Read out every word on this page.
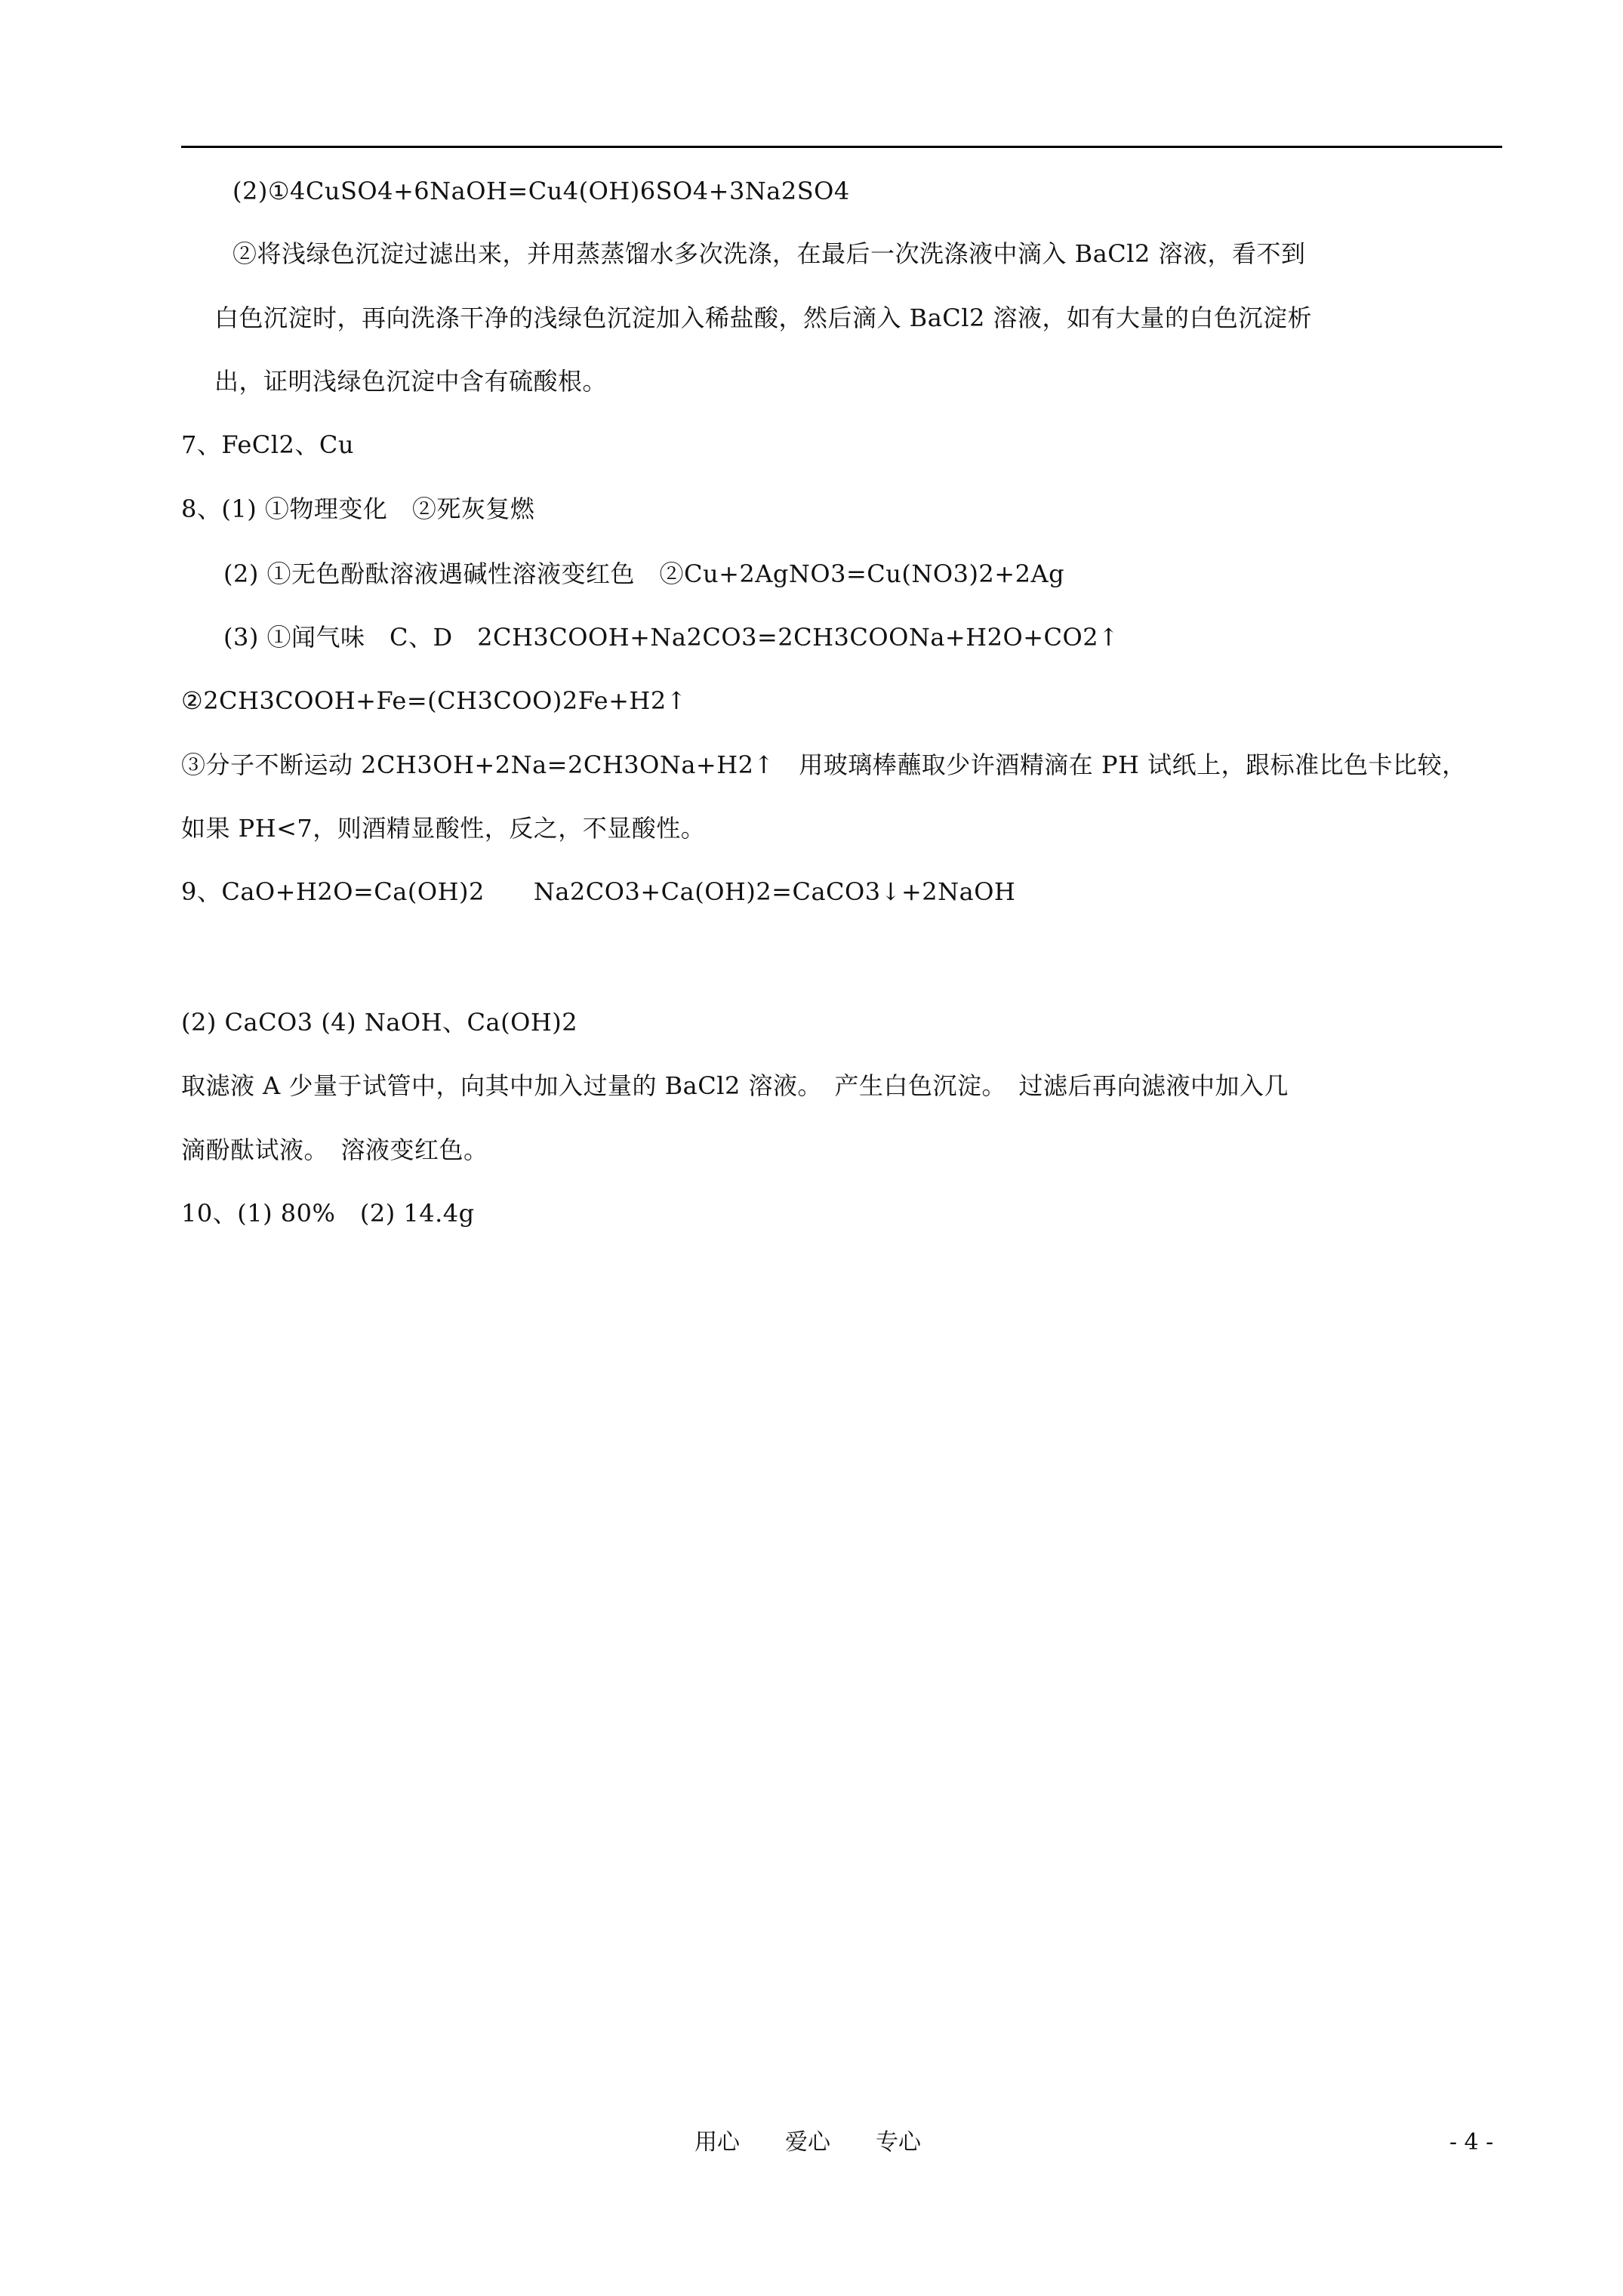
(2)①4CuSO4+6NaOH=Cu4(OH)6SO4+3Na2SO4
②将浅绿色沉淀过滤出来，并用蒸蒸馏水多次洗涤，在最后一次洗涤液中滴入 BaCl2 溶液，看不到
白色沉淀时，再向洗涤干净的浅绿色沉淀加入稀盐酸，然后滴入 BaCl2 溶液，如有大量的白色沉淀析
出，证明浅绿色沉淀中含有硫酸根。
7、FeCl2、Cu
8、(1) ①物理变化　②死灰复燃
(2) ①无色酚酞溶液遇碱性溶液变红色　②Cu+2AgNO3=Cu(NO3)2+2Ag
(3) ①闻气味　C、D　2CH3COOH+Na2CO3=2CH3COONa+H2O+CO2↑
②2CH3COOH+Fe=(CH3COO)2Fe+H2↑
③分子不断运动 2CH3OH+2Na=2CH3ONa+H2↑　用玻璃棒蘸取少许酒精滴在 PH 试纸上，跟标准比色卡比较，
如果 PH<7，则酒精显酸性，反之，不显酸性。
9、CaO+H2O=Ca(OH)2　　Na2CO3+Ca(OH)2=CaCO3↓+2NaOH
(2) CaCO3 (4) NaOH、Ca(OH)2
取滤液 A 少量于试管中，向其中加入过量的 BaCl2 溶液。　产生白色沉淀。　过滤后再向滤液中加入几
滴酚酞试液。　溶液变红色。
10、(1) 80%　(2) 14.4g
用心　　爱心　　专心	- 4 -
